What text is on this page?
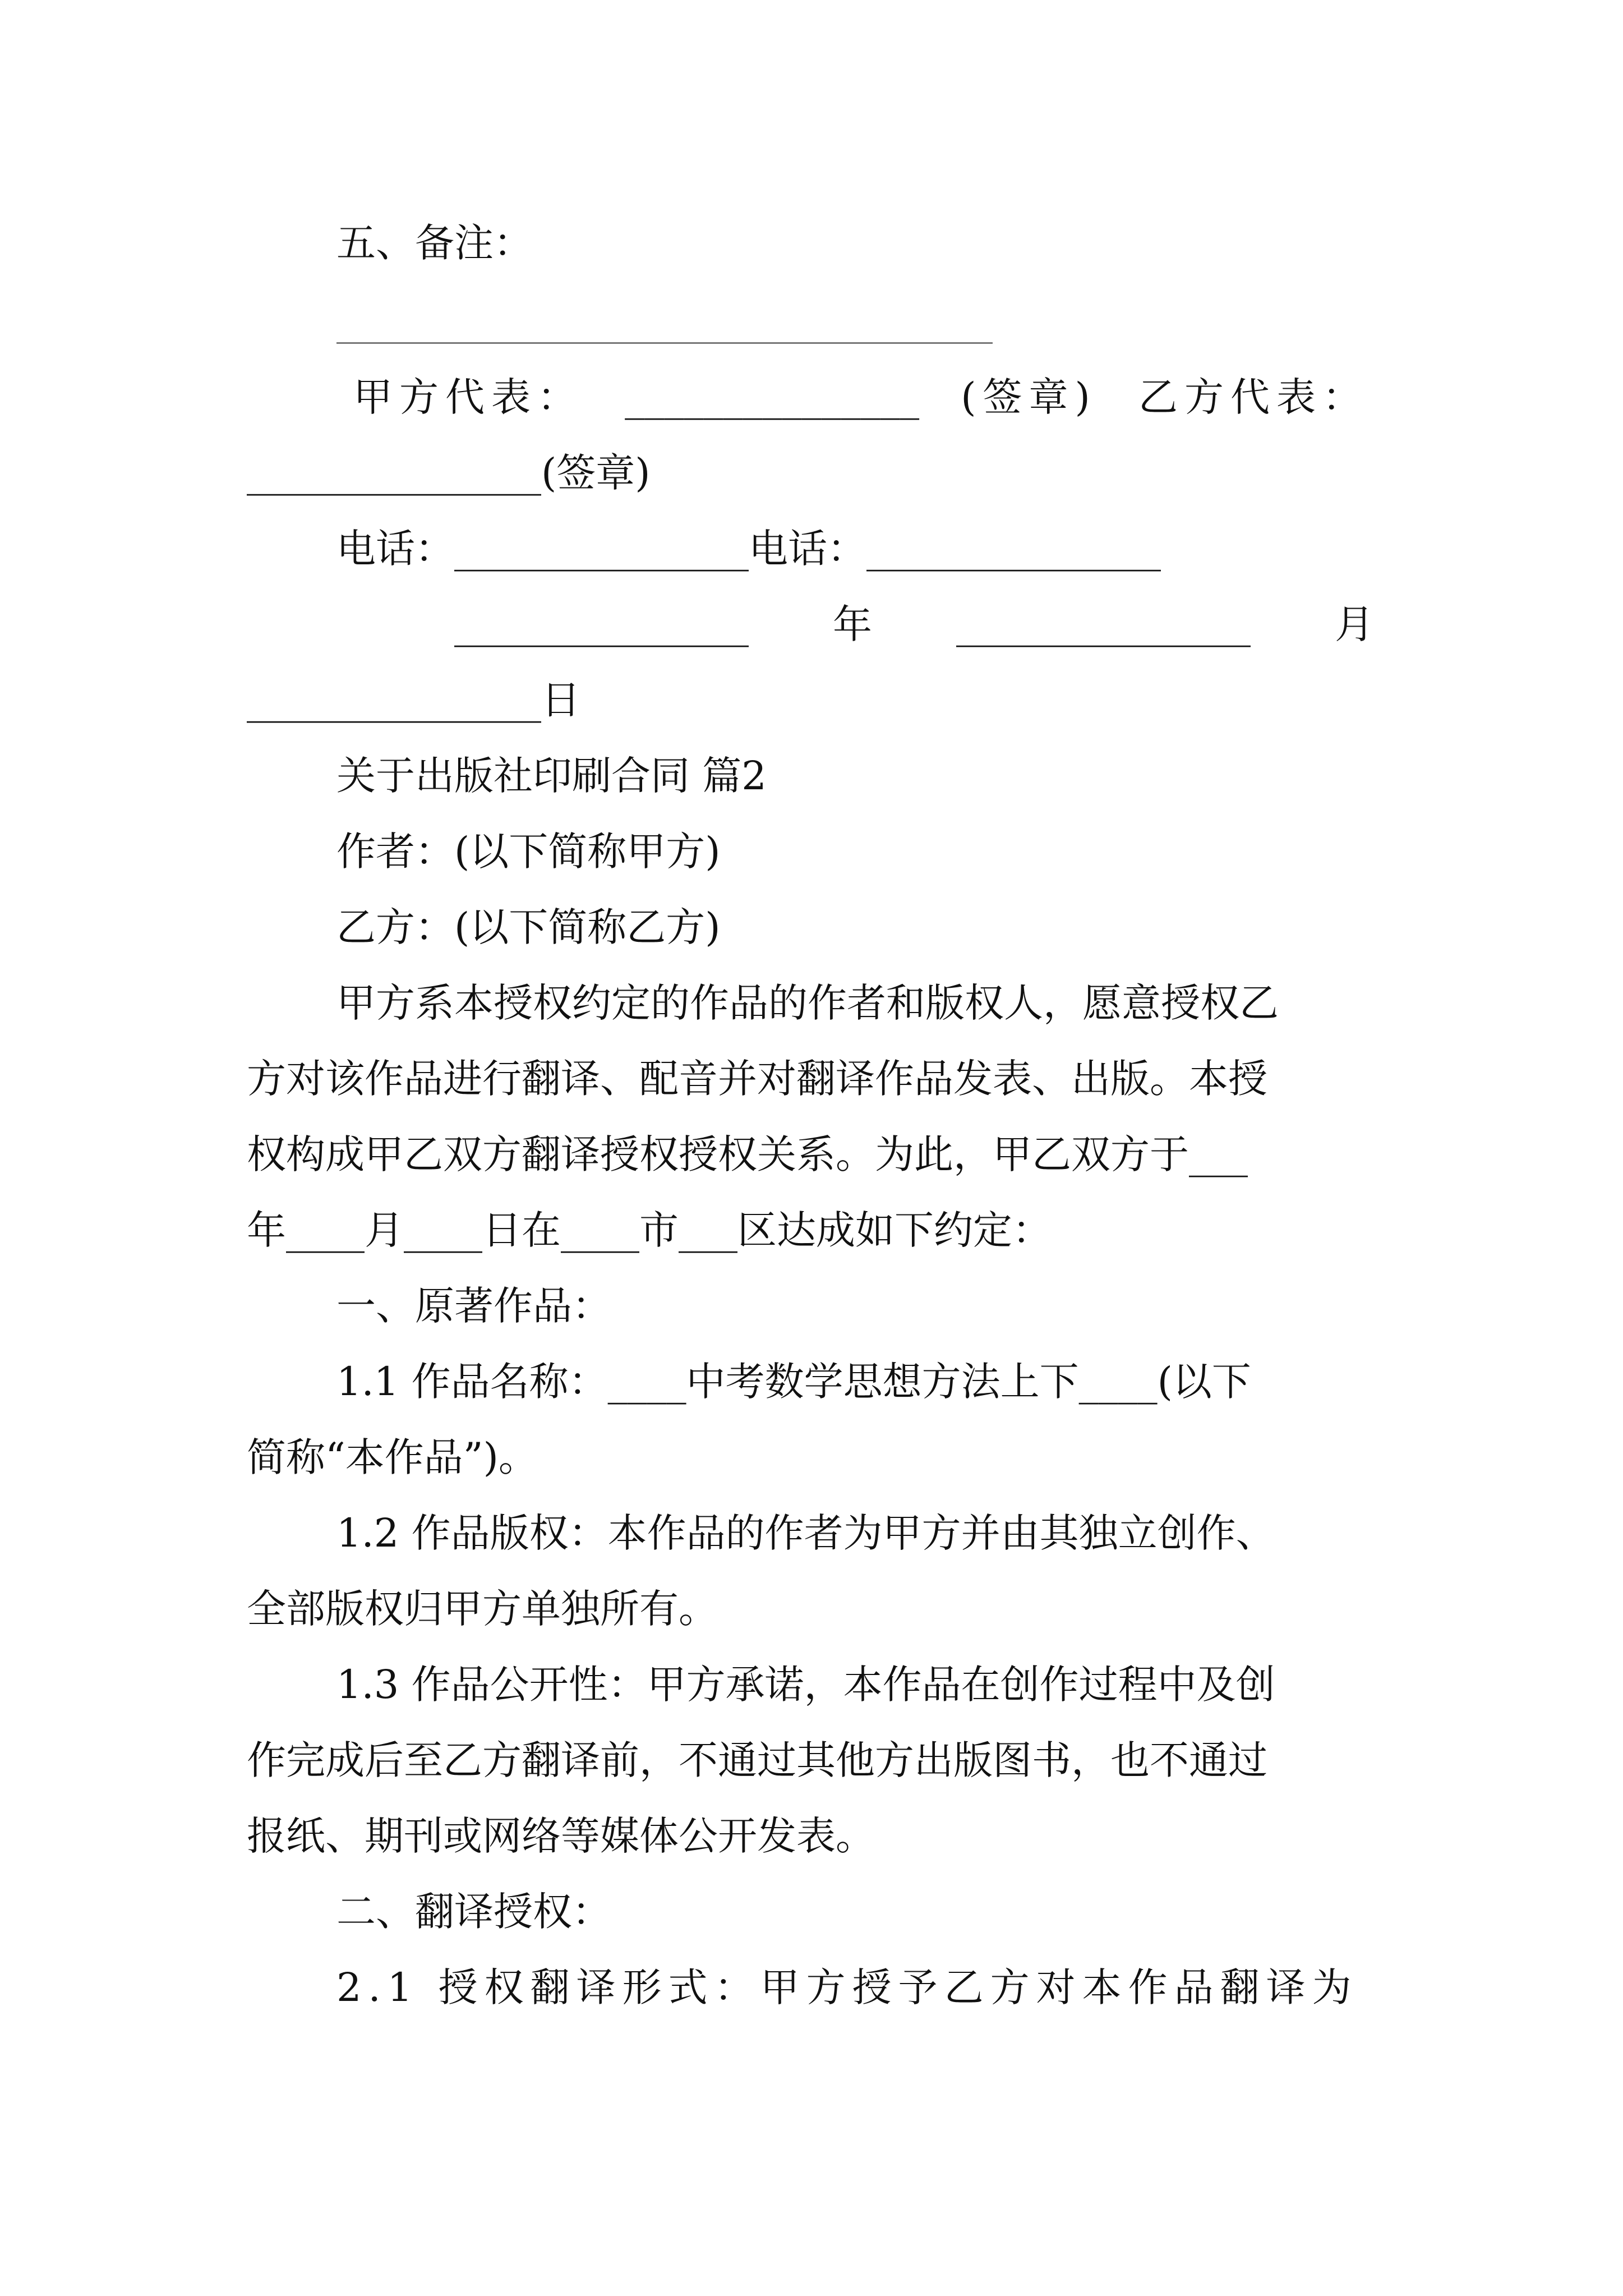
五、备注：

甲方代表： _______________ (签章) 乙方代表：

_______________(签章)

电话：_______________电话：_______________

_______________ 年 _______________ 月

_______________日

关于出版社印刷合同 篇2

作者：(以下简称甲方)

乙方：(以下简称乙方)

甲方系本授权约定的作品的作者和版权人，愿意授权乙

方对该作品进行翻译、配音并对翻译作品发表、出版。本授

权构成甲乙双方翻译授权授权关系。为此，甲乙双方于___

年____月____日在____市___区达成如下约定：

一、原著作品：

1.1 作品名称：____中考数学思想方法上下____(以下

简称“本作品”)。

1.2 作品版权：本作品的作者为甲方并由其独立创作、

全部版权归甲方单独所有。

1.3 作品公开性：甲方承诺，本作品在创作过程中及创

作完成后至乙方翻译前，不通过其他方出版图书，也不通过

报纸、期刊或网络等媒体公开发表。

二、翻译授权：

2.1 授权翻译形式：甲方授予乙方对本作品翻译为
